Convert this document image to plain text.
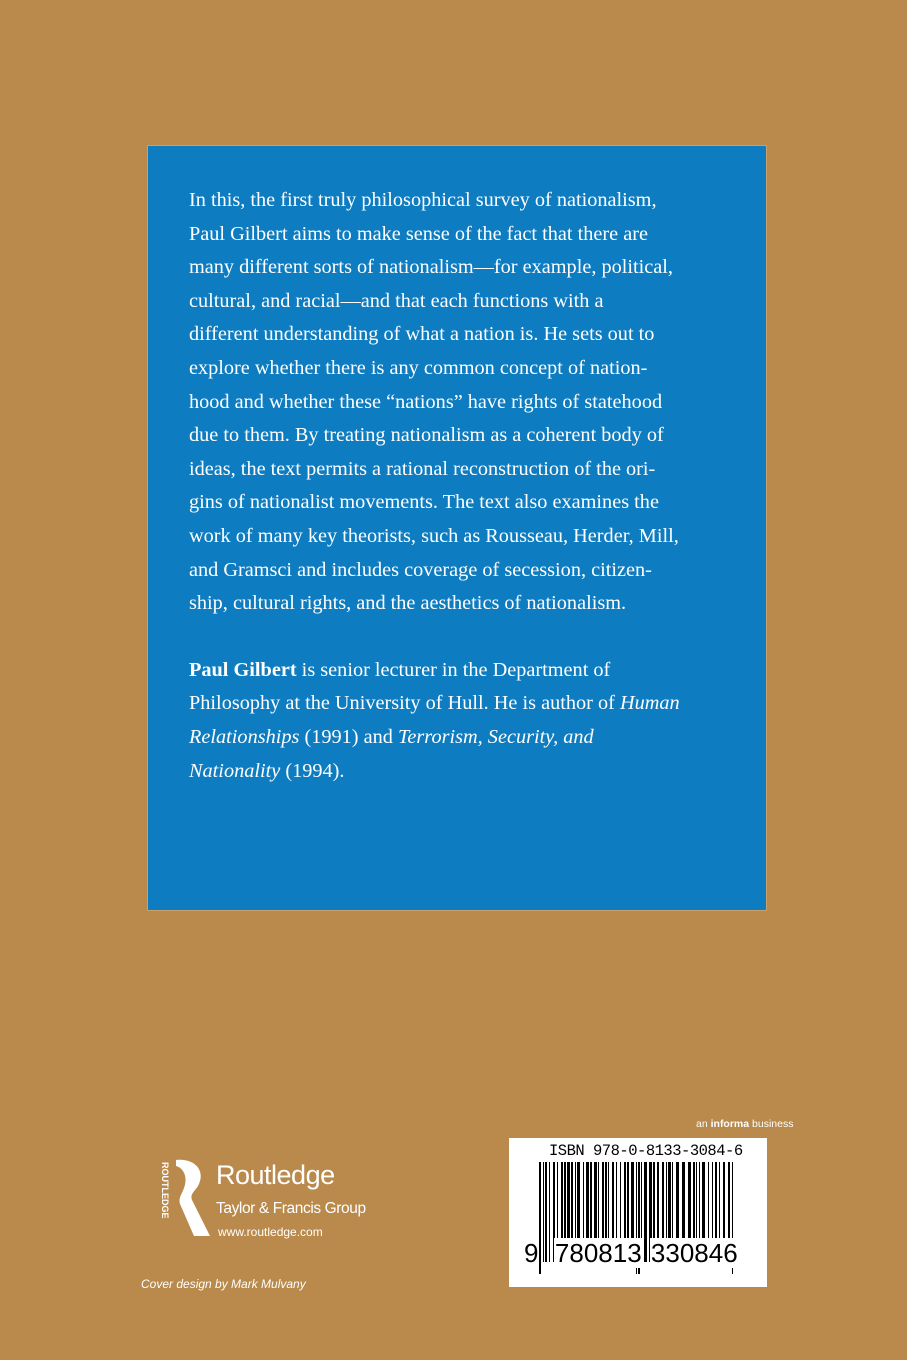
In this, the first truly philosophical survey of nationalism,
Paul Gilbert aims to make sense of the fact that there are
many different sorts of nationalism—for example, political,
cultural, and racial—and that each functions with a
different understanding of what a nation is. He sets out to
explore whether there is any common concept of nation-
hood and whether these “nations” have rights of statehood
due to them. By treating nationalism as a coherent body of
ideas, the text permits a rational reconstruction of the ori-
gins of nationalist movements. The text also examines the
work of many key theorists, such as Rousseau, Herder, Mill,
and Gramsci and includes coverage of secession, citizen-
ship, cultural rights, and the aesthetics of nationalism.
Paul Gilbert is senior lecturer in the Department of
Philosophy at the University of Hull. He is author of Human
Relationships (1991) and Terrorism, Security, and
Nationality (1994).
ROUTLEDGE Routledge
Taylor & Francis Group
www.routledge.com
Cover design by Mark Mulvany
an informa business
ISBN 978-0-8133-3084-6
9 780813 330846
